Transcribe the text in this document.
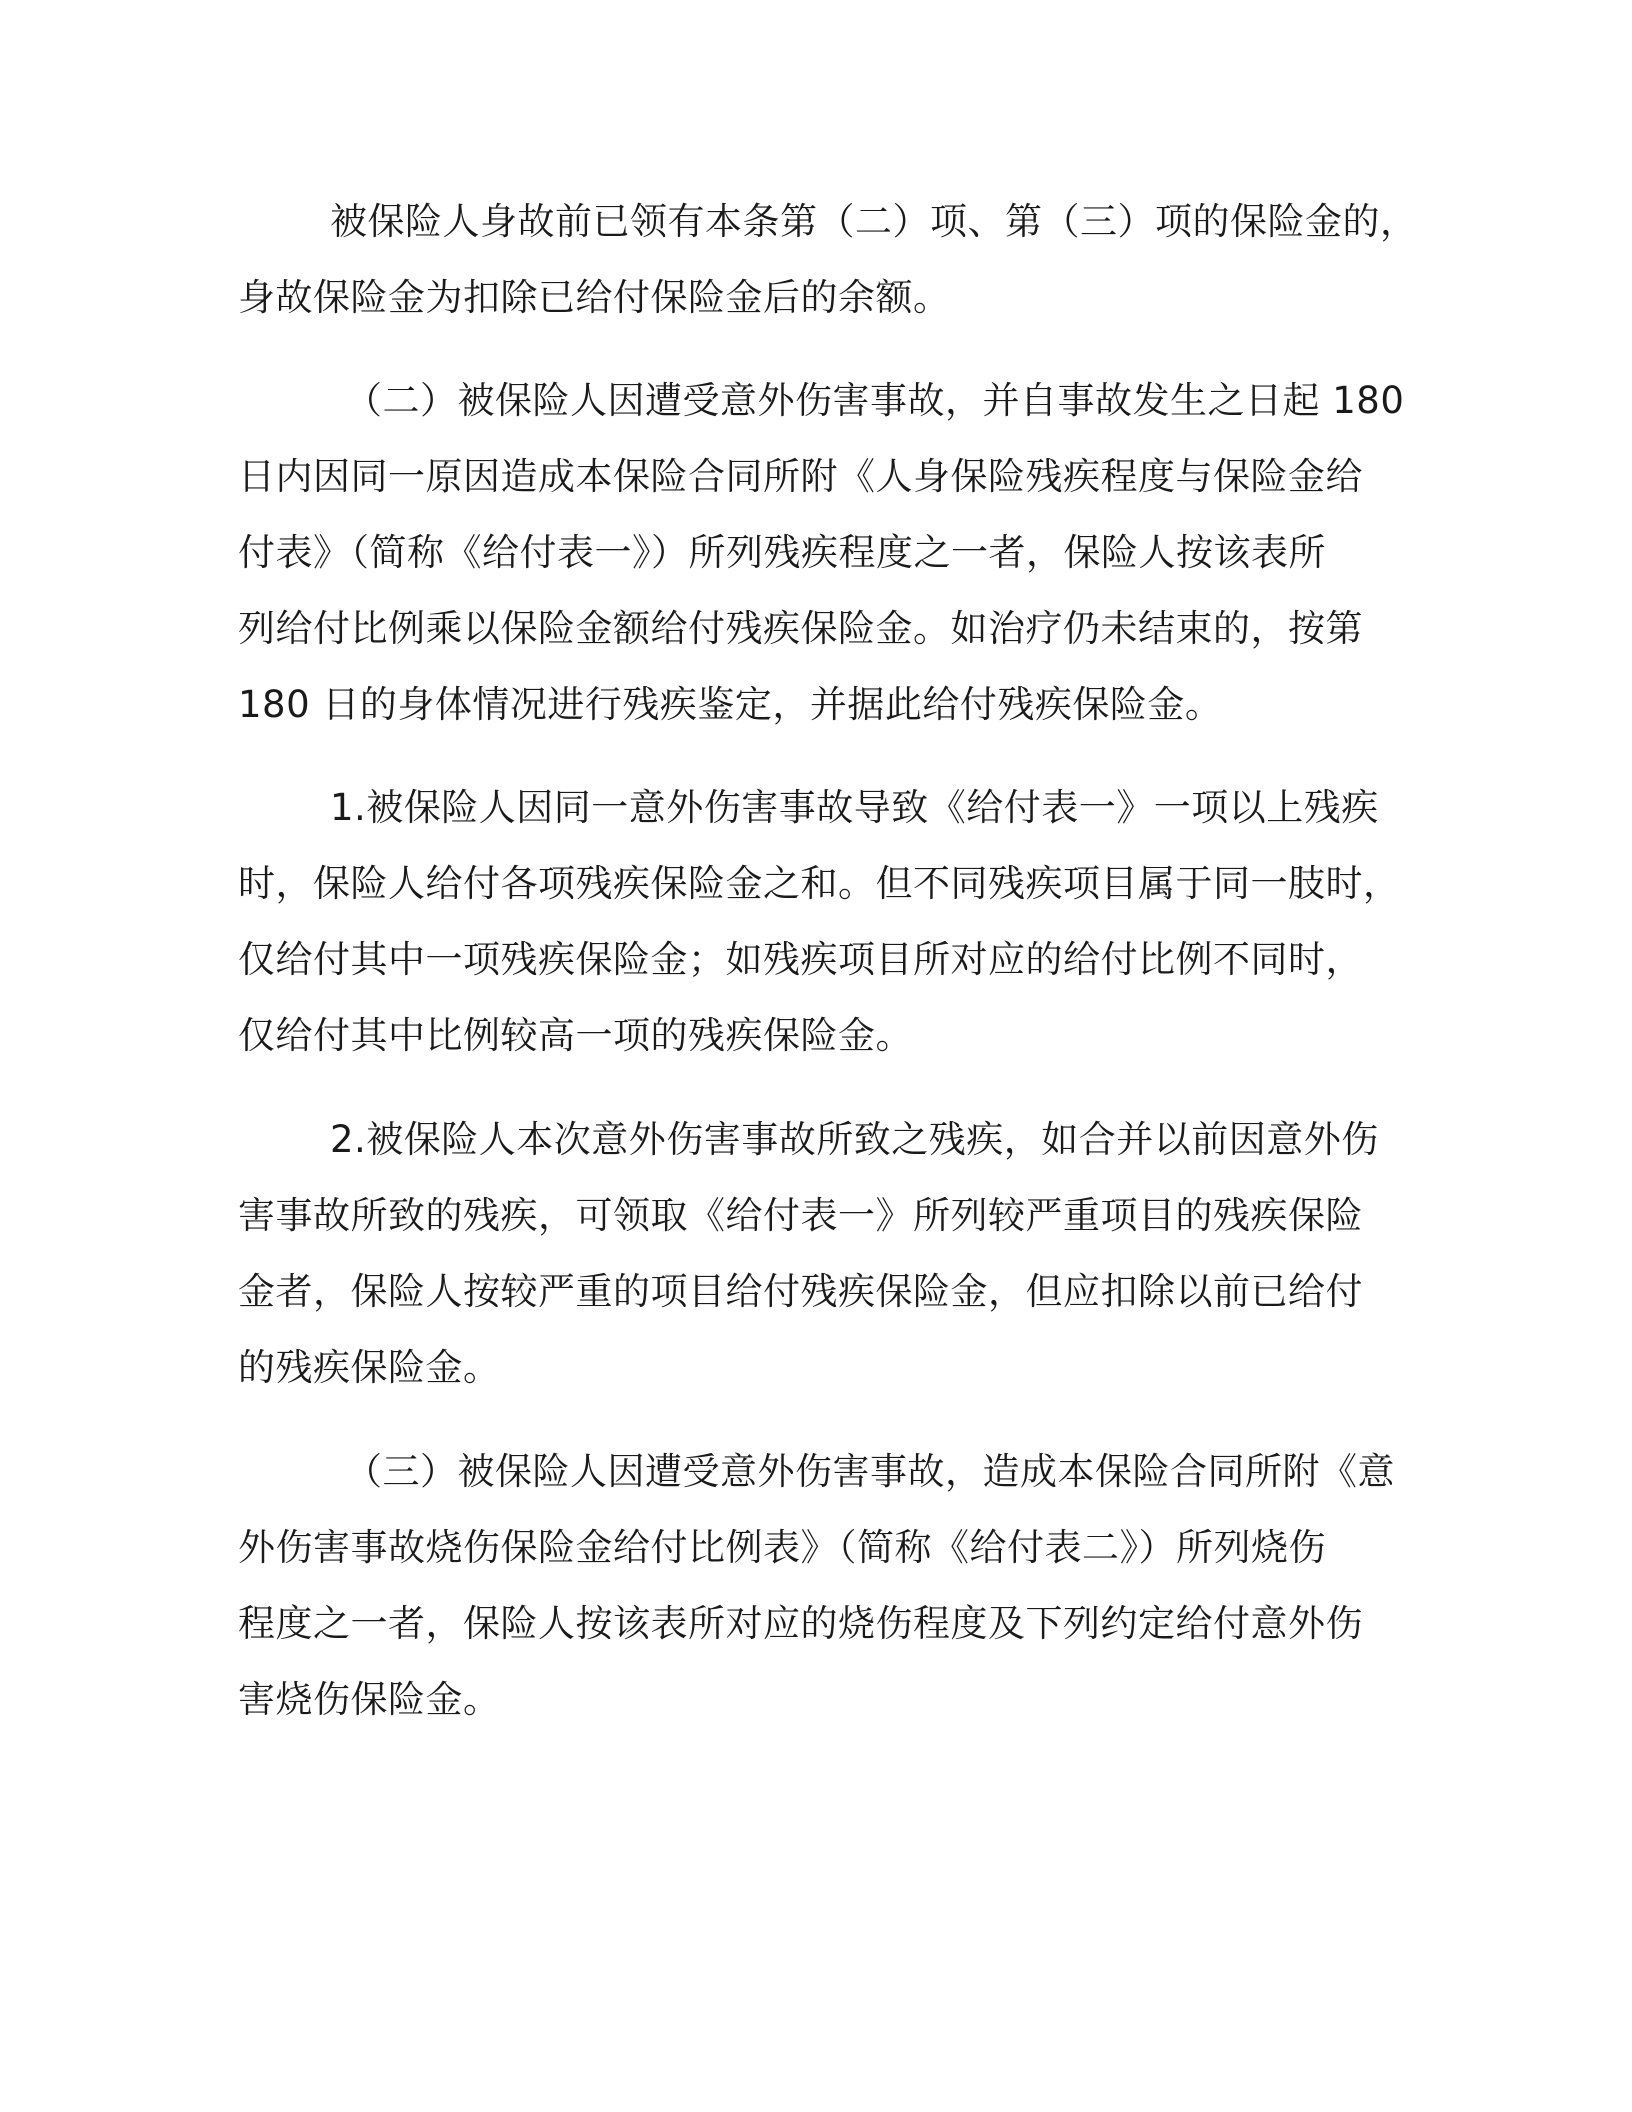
被保险人身故前已领有本条第（二）项、第（三）项的保险金的，
身故保险金为扣除已给付保险金后的余额。
（二）被保险人因遭受意外伤害事故，并自事故发生之日起 180
日内因同一原因造成本保险合同所附《人身保险残疾程度与保险金给
付表》（简称《给付表一》）所列残疾程度之一者，保险人按该表所
列给付比例乘以保险金额给付残疾保险金。如治疗仍未结束的，按第
180 日的身体情况进行残疾鉴定，并据此给付残疾保险金。
1.被保险人因同一意外伤害事故导致《给付表一》一项以上残疾
时，保险人给付各项残疾保险金之和。但不同残疾项目属于同一肢时，
仅给付其中一项残疾保险金；如残疾项目所对应的给付比例不同时，
仅给付其中比例较高一项的残疾保险金。
2.被保险人本次意外伤害事故所致之残疾，如合并以前因意外伤
害事故所致的残疾，可领取《给付表一》所列较严重项目的残疾保险
金者，保险人按较严重的项目给付残疾保险金，但应扣除以前已给付
的残疾保险金。
（三）被保险人因遭受意外伤害事故，造成本保险合同所附《意
外伤害事故烧伤保险金给付比例表》（简称《给付表二》）所列烧伤
程度之一者，保险人按该表所对应的烧伤程度及下列约定给付意外伤
害烧伤保险金。
